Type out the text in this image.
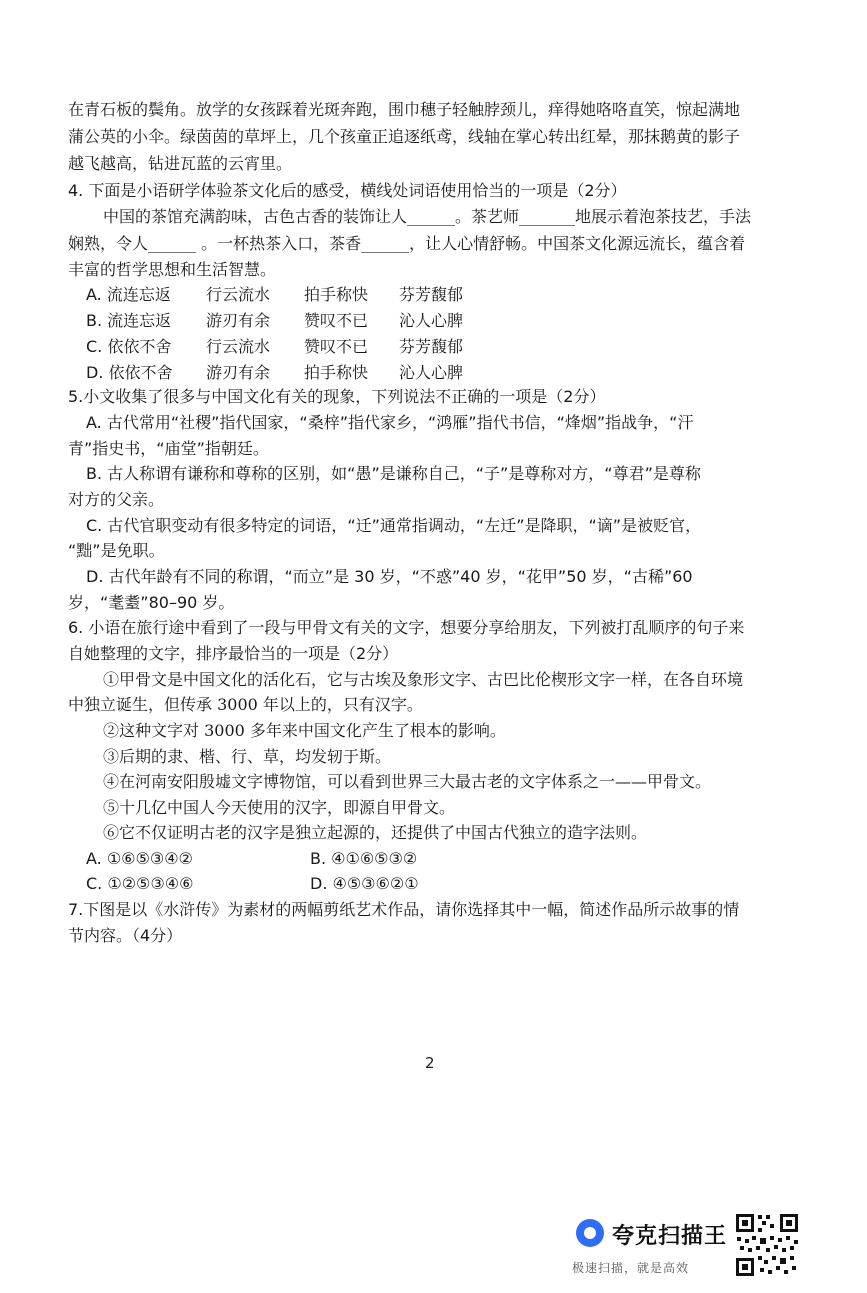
在青石板的鬓角。放学的女孩踩着光斑奔跑，围巾穗子轻触脖颈儿，痒得她咯咯直笑，惊起满地
蒲公英的小伞。绿茵茵的草坪上，几个孩童正追逐纸鸢，线轴在掌心转出红晕，那抹鹅黄的影子
越飞越高，钻进瓦蓝的云宵里。
4. 下面是小语研学体验茶文化后的感受，横线处词语使用恰当的一项是（2分）
中国的茶馆充满韵味，古色古香的装饰让人______。茶艺师_______地展示着泡茶技艺，手法
娴熟，令人______ 。一杯热茶入口，茶香______，让人心情舒畅。中国茶文化源远流长，蕴含着
丰富的哲学思想和生活智慧。
A. 流连忘返 行云流水 拍手称快 芬芳馥郁
B. 流连忘返 游刃有余 赞叹不已 沁人心脾
C. 依依不舍 行云流水 赞叹不已 芬芳馥郁
D. 依依不舍 游刃有余 拍手称快 沁人心脾
5.小文收集了很多与中国文化有关的现象，下列说法不正确的一项是（2分）
A. 古代常用“社稷”指代国家，“桑梓”指代家乡，“鸿雁”指代书信，“烽烟”指战争，“汗
青”指史书，“庙堂”指朝廷。
B. 古人称谓有谦称和尊称的区别，如“愚”是谦称自己，“子”是尊称对方，“尊君”是尊称
对方的父亲。
C. 古代官职变动有很多特定的词语，“迁”通常指调动，“左迁”是降职，“谪”是被贬官，
“黜”是免职。
D. 古代年龄有不同的称谓，“而立”是 30 岁，“不惑”40 岁，“花甲”50 岁，“古稀”60
岁，“耄耋”80–90 岁。
6. 小语在旅行途中看到了一段与甲骨文有关的文字，想要分享给朋友，下列被打乱顺序的句子来
自她整理的文字，排序最恰当的一项是（2分）
①甲骨文是中国文化的活化石，它与古埃及象形文字、古巴比伦楔形文字一样，在各自环境
中独立诞生，但传承 3000 年以上的，只有汉字。
②这种文字对 3000 多年来中国文化产生了根本的影响。
③后期的隶、楷、行、草，均发轫于斯。
④在河南安阳殷墟文字博物馆，可以看到世界三大最古老的文字体系之一——甲骨文。
⑤十几亿中国人今天使用的汉字，即源自甲骨文。
⑥它不仅证明古老的汉字是独立起源的，还提供了中国古代独立的造字法则。
A. ①⑥⑤③④②	B. ④①⑥⑤③②
C. ①②⑤③④⑥	D. ④⑤③⑥②①
7.下图是以《水浒传》为素材的两幅剪纸艺术作品，请你选择其中一幅，简述作品所示故事的情
节内容。（4分）
2
夸克扫描王
极速扫描，就是高效
